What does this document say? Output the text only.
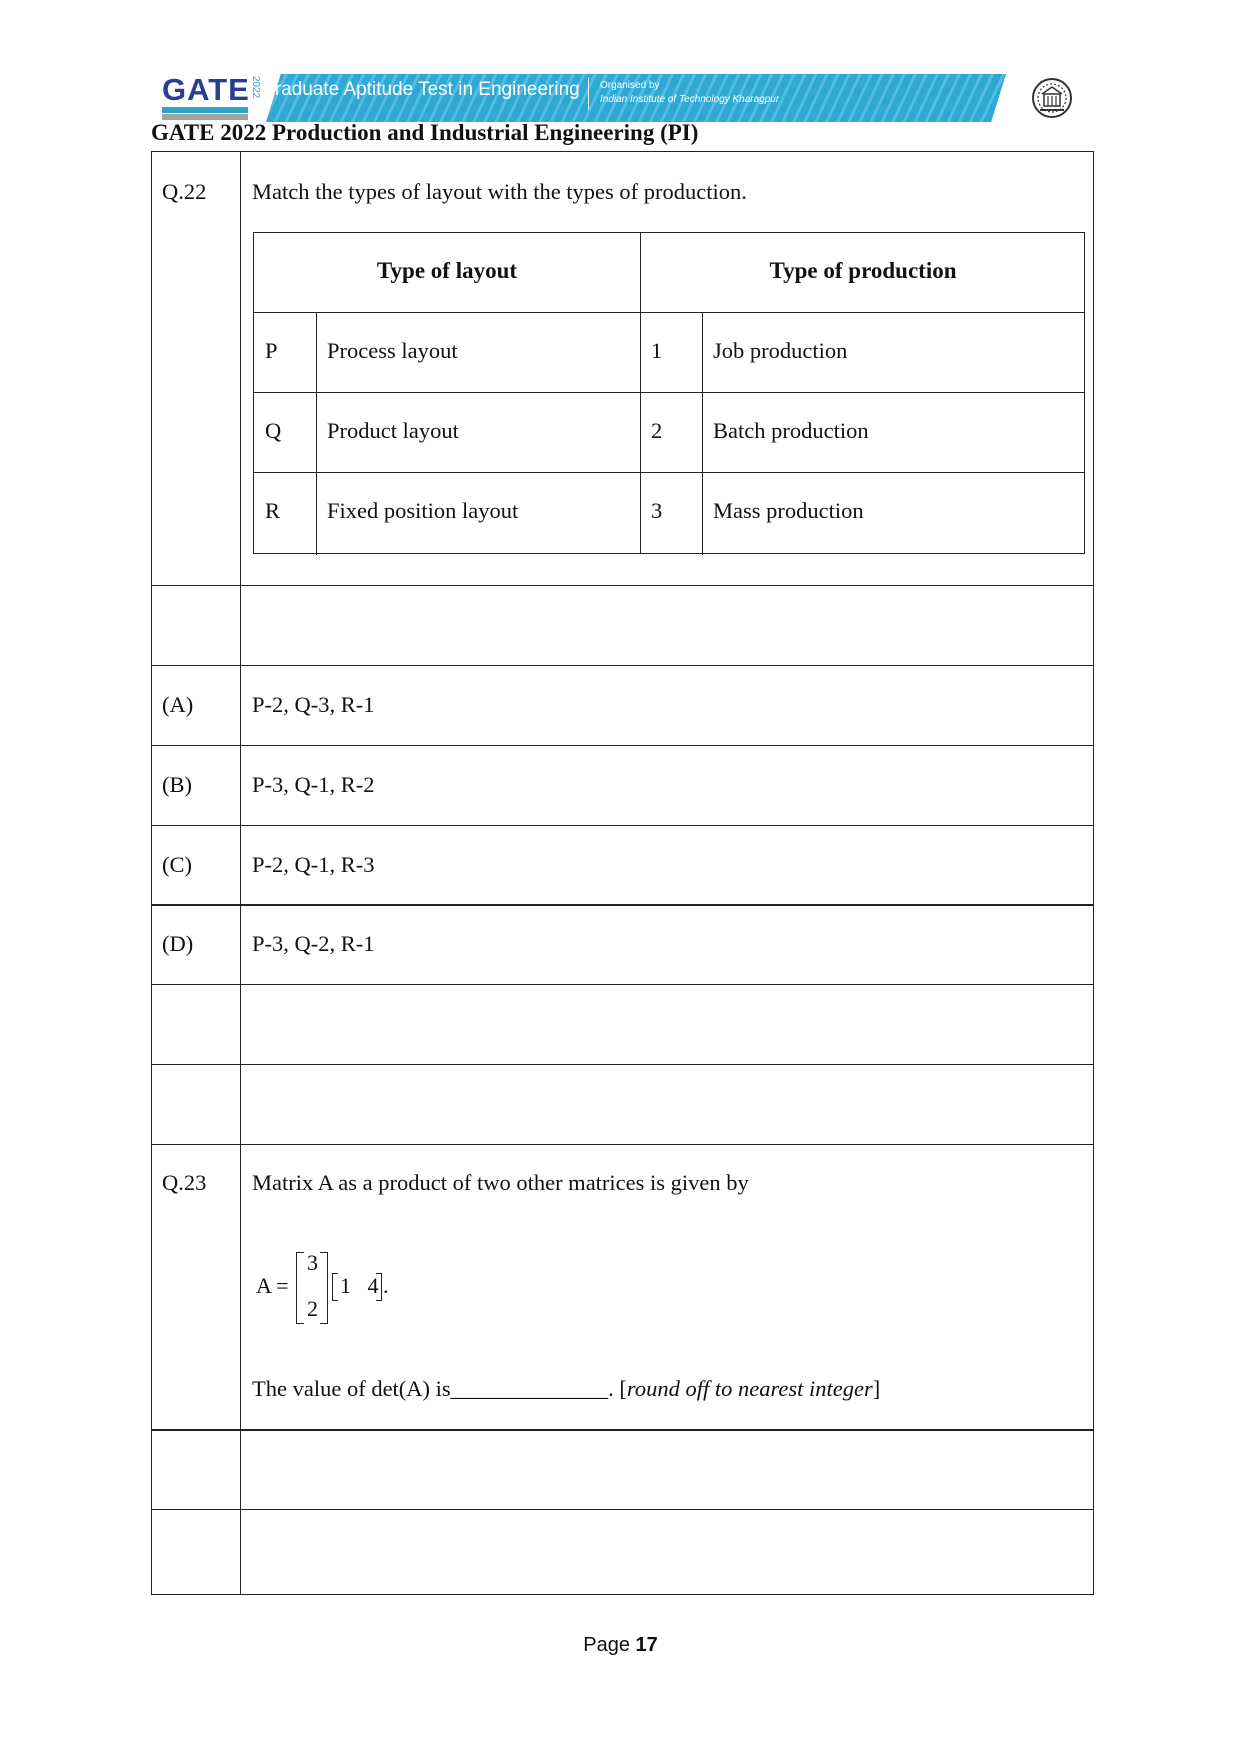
GATE 2022 Graduate Aptitude Test in Engineering Organised by
Indian Institute of Technology Kharagpur
GATE 2022 Production and Industrial Engineering (PI)
Q.22 Match the types of layout with the types of production.
Type of layout	Type of production
P Process layout	1 Job production
Q Product layout	2 Batch production
R Fixed position layout	3 Mass production
(A)	P-2, Q-3, R-1
(B)	P-3, Q-1, R-2
(C)	P-2, Q-1, R-3
(D)	P-3, Q-2, R-1
Q.23 Matrix A as a product of two other matrices is given by
A =
3
2
1   4 .
The value of det(A) is______________. [round off to nearest integer]
Page 17
